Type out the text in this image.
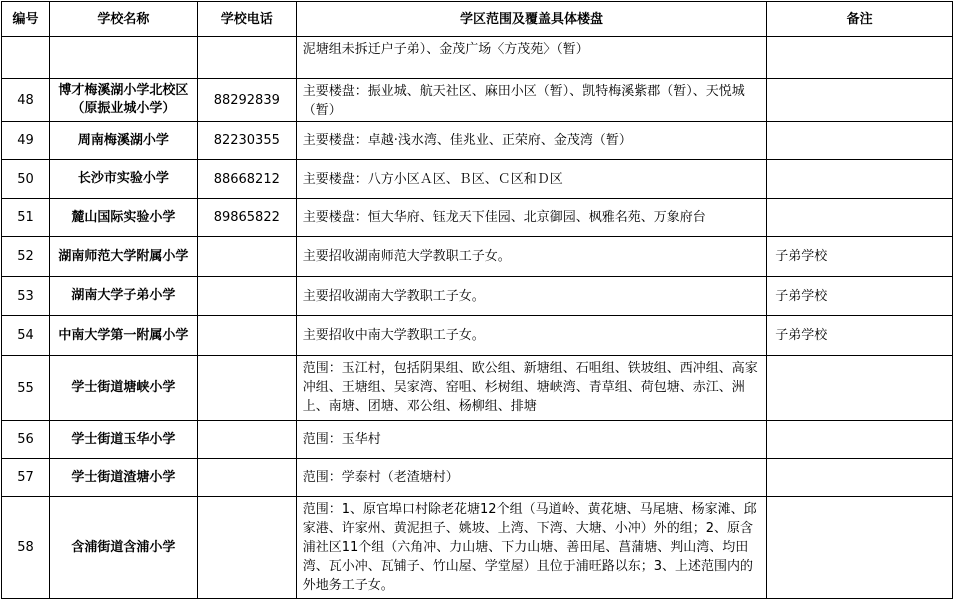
编号	学校名称	学校电话	学区范围及覆盖具体楼盘	备注
			泥塘组未拆迁户子弟）、金茂广场〈方茂苑〉（暂）	
48	博才梅溪湖小学北校区（原振业城小学）	88292839	主要楼盘：振业城、航天社区、麻田小区（暂）、凯特梅溪紫郡（暂）、天悦城（暂）	
49	周南梅溪湖小学	82230355	主要楼盘：卓越·浅水湾、佳兆业、正荣府、金茂湾（暂）	
50	长沙市实验小学	88668212	主要楼盘：八方小区Ａ区、Ｂ区、Ｃ区和Ｄ区	
51	麓山国际实验小学	89865822	主要楼盘：恒大华府、钰龙天下佳园、北京御园、枫雅名苑、万象府台	
52	湖南师范大学附属小学		主要招收湖南师范大学教职工子女。	子弟学校
53	湖南大学子弟小学		主要招收湖南大学教职工子女。	子弟学校
54	中南大学第一附属小学		主要招收中南大学教职工子女。	子弟学校
55	学士街道塘峡小学		范围：玉江村，包括阴果组、欧公组、新塘组、石咀组、铁坡组、西冲组、高家冲组、王塘组、吴家湾、窑咀、杉树组、塘峡湾、青草组、荷包塘、赤江、洲上、南塘、团塘、邓公组、杨柳组、排塘	
56	学士街道玉华小学		范围：玉华村	
57	学士街道渣塘小学		范围：学泰村（老渣塘村）	
58	含浦街道含浦小学		范围：1、原官埠口村除老花塘12个组（马道岭、黄花塘、马尾塘、杨家滩、邱家港、许家州、黄泥担子、姚坡、上湾、下湾、大塘、小冲）外的组；2、原含浦社区11个组（六角冲、力山塘、下力山塘、善田尾、菖蒲塘、判山湾、均田湾、瓦小冲、瓦铺子、竹山屋、学堂屋）且位于浦旺路以东；3、上述范围内的外地务工子女。	
